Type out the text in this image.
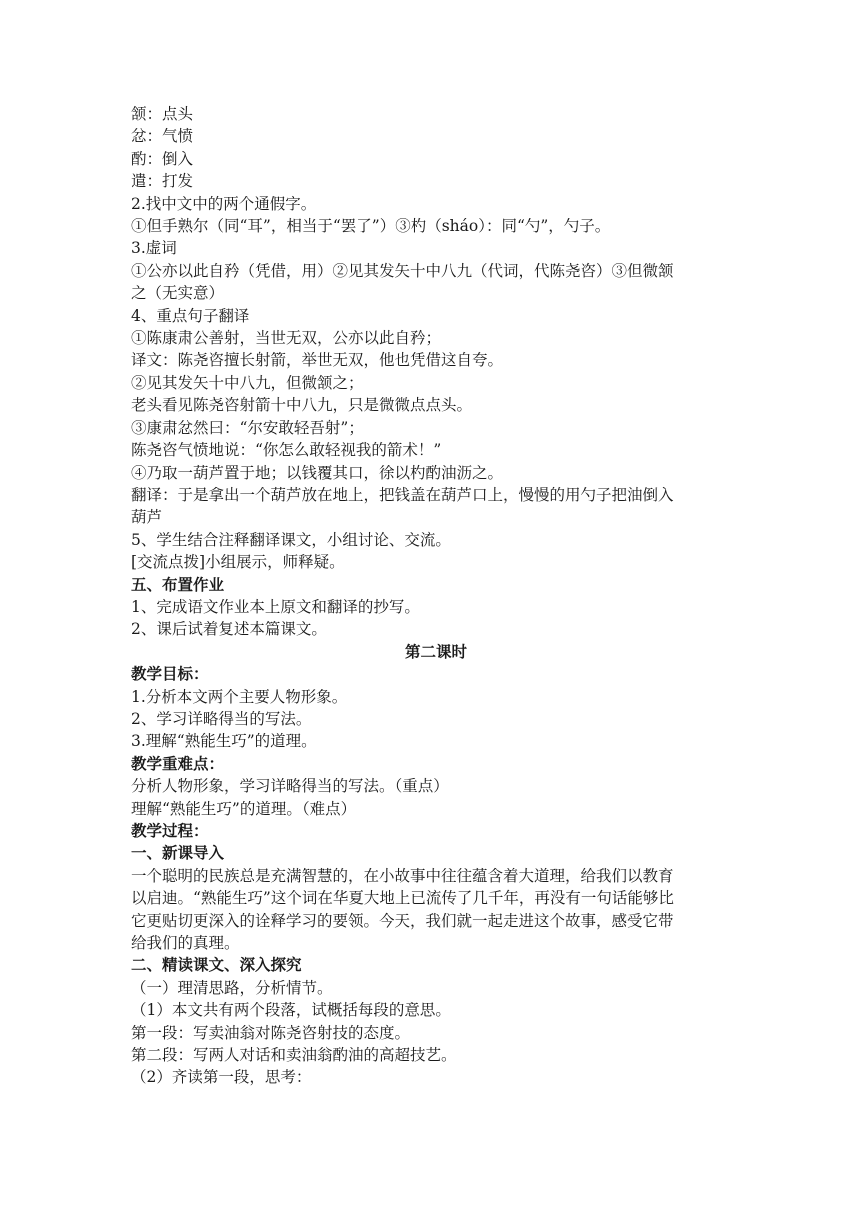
颔：点头
忿：气愤
酌：倒入
遣：打发
2.找中文中的两个通假字。
①但手熟尔（同“耳”，相当于“罢了”）③杓（sháo）：同“勺”，勺子。
3.虚词
①公亦以此自矜（凭借，用）②见其发矢十中八九（代词，代陈尧咨）③但微颔
之（无实意）
4、重点句子翻译
①陈康肃公善射，当世无双，公亦以此自矜；
译文：陈尧咨擅长射箭，举世无双，他也凭借这自夸。
②见其发矢十中八九，但微颔之；
老头看见陈尧咨射箭十中八九，只是微微点点头。
③康肃忿然曰：“尔安敢轻吾射”；
陈尧咨气愤地说：“你怎么敢轻视我的箭术！”
④乃取一葫芦置于地；以钱覆其口，徐以杓酌油沥之。
翻译：于是拿出一个葫芦放在地上，把钱盖在葫芦口上，慢慢的用勺子把油倒入
葫芦
5、学生结合注释翻译课文，小组讨论、交流。
[交流点拨]小组展示，师释疑。
五、布置作业
1、完成语文作业本上原文和翻译的抄写。
2、课后试着复述本篇课文。
第二课时
教学目标：
1.分析本文两个主要人物形象。
2、学习详略得当的写法。
3.理解“熟能生巧”的道理。
教学重难点：
分析人物形象，学习详略得当的写法。（重点）
理解“熟能生巧”的道理。（难点）
教学过程：
一、新课导入
一个聪明的民族总是充满智慧的，在小故事中往往蕴含着大道理，给我们以教育
以启迪。“熟能生巧”这个词在华夏大地上已流传了几千年，再没有一句话能够比
它更贴切更深入的诠释学习的要领。今天，我们就一起走进这个故事，感受它带
给我们的真理。
二、精读课文、深入探究
（一）理清思路，分析情节。
（1）本文共有两个段落，试概括每段的意思。
第一段：写卖油翁对陈尧咨射技的态度。
第二段：写两人对话和卖油翁酌油的高超技艺。
（2）齐读第一段，思考：
